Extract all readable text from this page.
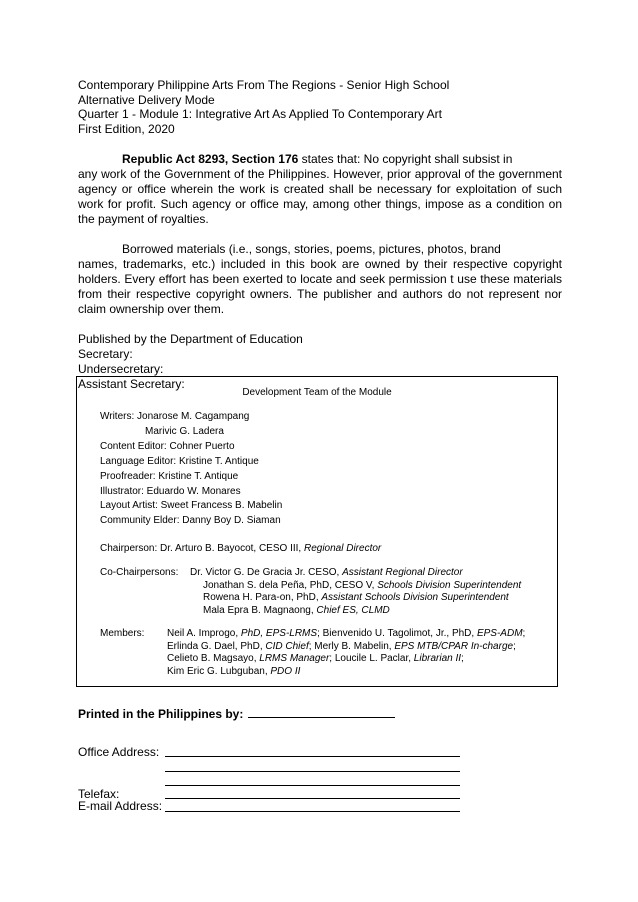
Contemporary Philippine Arts From The Regions - Senior High School
Alternative Delivery Mode
Quarter 1 - Module 1: Integrative Art As Applied To Contemporary Art
First Edition, 2020
Republic Act 8293, Section 176 states that: No copyright shall subsist in
any work of the Government of the Philippines. However, prior approval of the government agency or office wherein the work is created shall be necessary for exploitation of such work for profit. Such agency or office may, among other things, impose as a condition on the payment of royalties.
Borrowed materials (i.e., songs, stories, poems, pictures, photos, brand
names, trademarks, etc.) included in this book are owned by their respective copyright holders. Every effort has been exerted to locate and seek permission t use these materials from their respective copyright owners. The publisher and authors do not represent nor claim ownership over them.
Published by the Department of Education
Secretary:
Undersecretary:
Assistant Secretary:
Development Team of the Module
Writers: Jonarose M. Cagampang
Marivic G. Ladera
Content Editor: Cohner Puerto
Language Editor: Kristine T. Antique
Proofreader: Kristine T. Antique
Illustrator: Eduardo W. Monares
Layout Artist: Sweet Francess B. Mabelin
Community Elder: Danny Boy D. Siaman
Chairperson: Dr. Arturo B. Bayocot, CESO III, Regional Director
Co-Chairpersons: Dr. Victor G. De Gracia Jr. CESO, Assistant Regional Director
Jonathan S. dela Peña, PhD, CESO V, Schools Division Superintendent
Rowena H. Para-on, PhD, Assistant Schools Division Superintendent
Mala Epra B. Magnaong, Chief ES, CLMD
Members: Neil A. Improgo, PhD, EPS-LRMS; Bienvenido U. Tagolimot, Jr., PhD, EPS-ADM;
Erlinda G. Dael, PhD, CID Chief; Merly B. Mabelin, EPS MTB/CPAR In-charge;
Celieto B. Magsayo, LRMS Manager; Loucile L. Paclar, Librarian II;
Kim Eric G. Lubguban, PDO II
Printed in the Philippines by:
Office Address:
Telefax:
E-mail Address:
